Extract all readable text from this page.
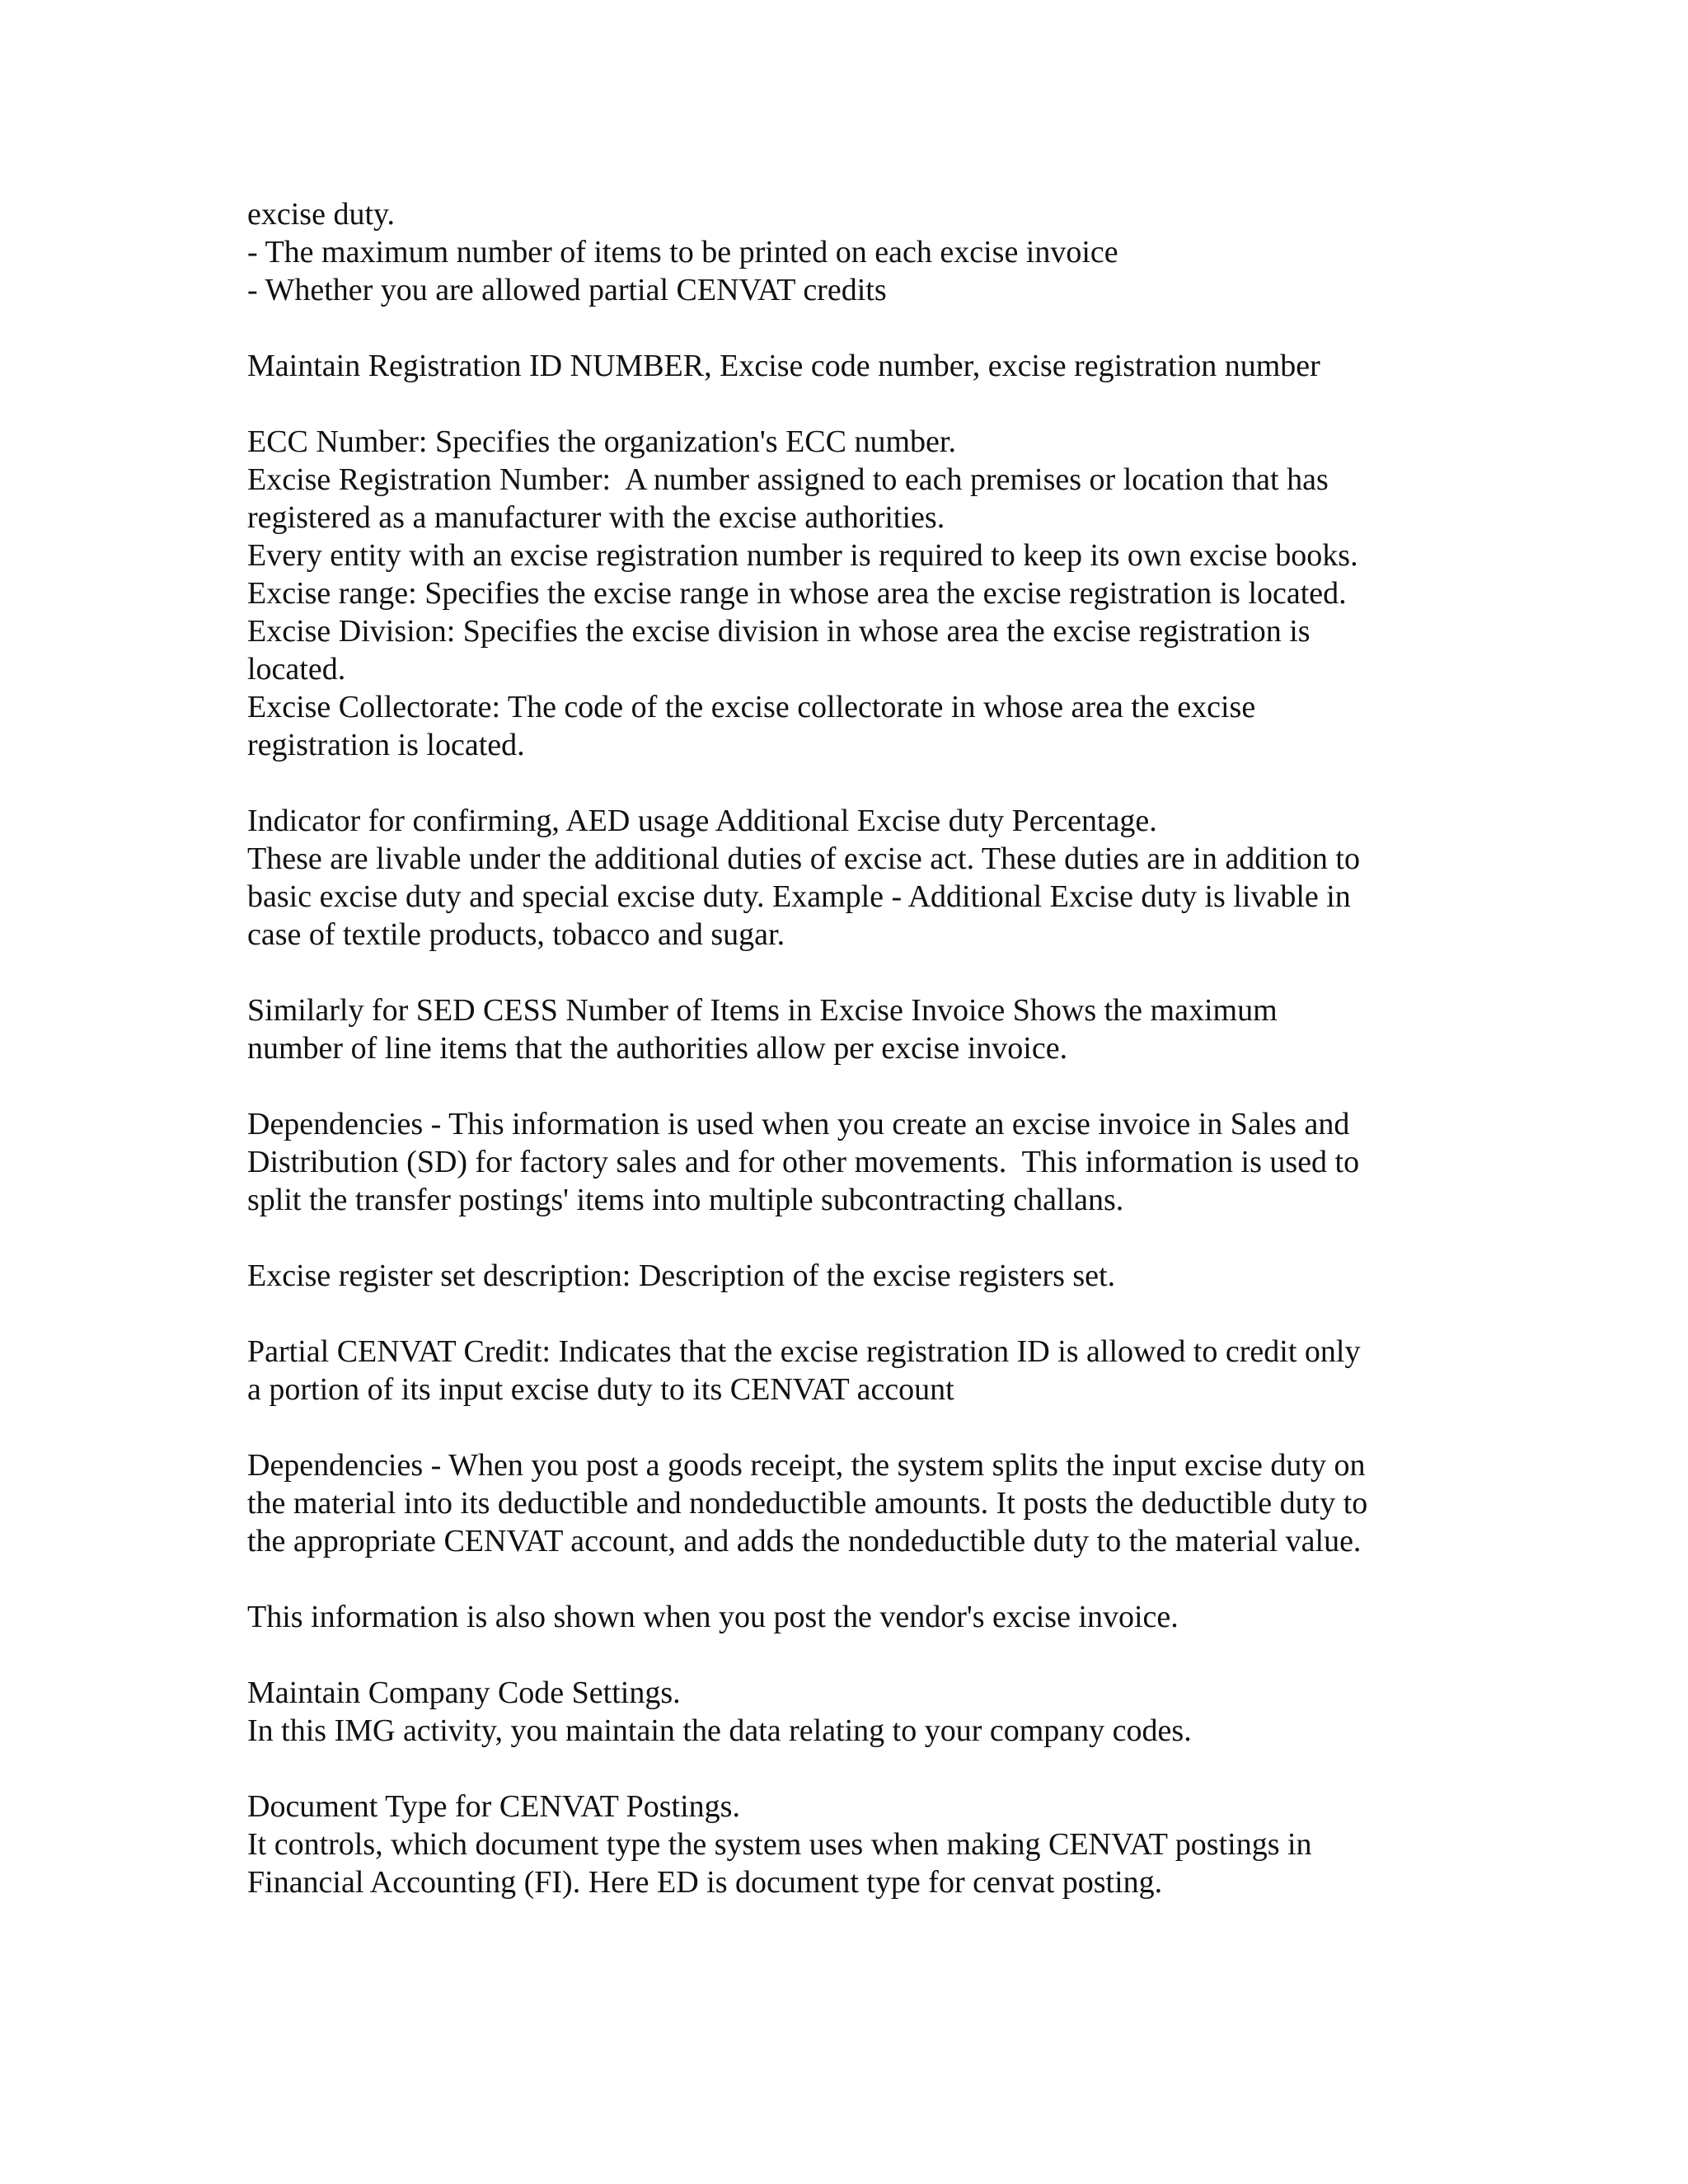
excise duty.
- The maximum number of items to be printed on each excise invoice
- Whether you are allowed partial CENVAT credits

Maintain Registration ID NUMBER, Excise code number, excise registration number

ECC Number: Specifies the organization's ECC number.
Excise Registration Number:  A number assigned to each premises or location that has
registered as a manufacturer with the excise authorities.
Every entity with an excise registration number is required to keep its own excise books.
Excise range: Specifies the excise range in whose area the excise registration is located.
Excise Division: Specifies the excise division in whose area the excise registration is
located.
Excise Collectorate: The code of the excise collectorate in whose area the excise
registration is located.

Indicator for confirming, AED usage Additional Excise duty Percentage.
These are livable under the additional duties of excise act. These duties are in addition to
basic excise duty and special excise duty. Example - Additional Excise duty is livable in
case of textile products, tobacco and sugar.

Similarly for SED CESS Number of Items in Excise Invoice Shows the maximum
number of line items that the authorities allow per excise invoice.

Dependencies - This information is used when you create an excise invoice in Sales and
Distribution (SD) for factory sales and for other movements.  This information is used to
split the transfer postings' items into multiple subcontracting challans.

Excise register set description: Description of the excise registers set.

Partial CENVAT Credit: Indicates that the excise registration ID is allowed to credit only
a portion of its input excise duty to its CENVAT account

Dependencies - When you post a goods receipt, the system splits the input excise duty on
the material into its deductible and nondeductible amounts. It posts the deductible duty to
the appropriate CENVAT account, and adds the nondeductible duty to the material value.

This information is also shown when you post the vendor's excise invoice.

Maintain Company Code Settings.
In this IMG activity, you maintain the data relating to your company codes.

Document Type for CENVAT Postings.
It controls, which document type the system uses when making CENVAT postings in
Financial Accounting (FI). Here ED is document type for cenvat posting.
